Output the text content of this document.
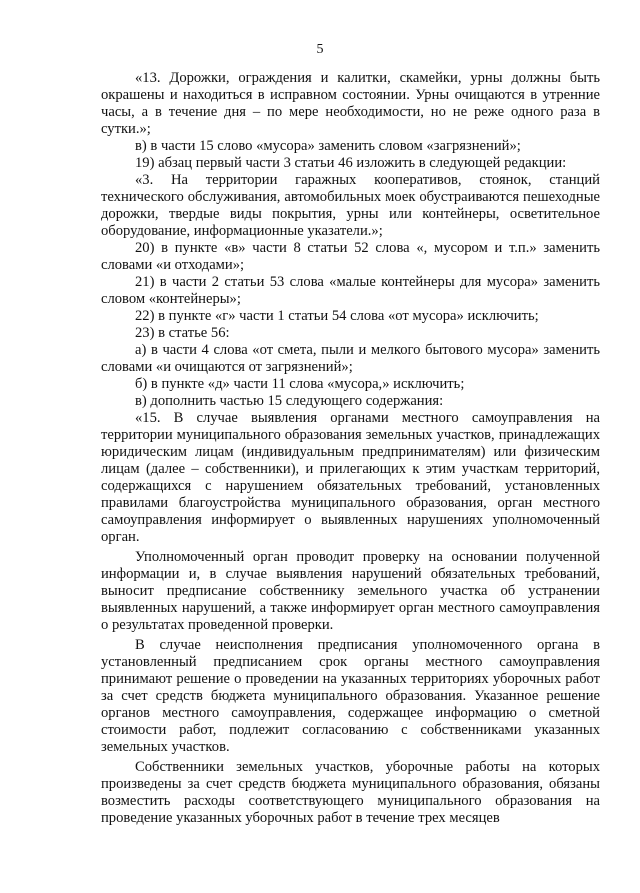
5

«13. Дорожки, ограждения и калитки, скамейки, урны должны быть окрашены и находиться в исправном состоянии. Урны очищаются в утренние часы, а в течение дня – по мере необходимости, но не реже одного раза в сутки.»;

в) в части 15 слово «мусора» заменить словом «загрязнений»;

19) абзац первый части 3 статьи 46 изложить в следующей редакции:

«3. На территории гаражных кооперативов, стоянок, станций технического обслуживания, автомобильных моек обустраиваются пешеходные дорожки, твердые виды покрытия, урны или контейнеры, осветительное оборудование, информационные указатели.»;

20) в пункте «в» части 8 статьи 52 слова «, мусором и т.п.» заменить словами «и отходами»;

21) в части 2 статьи 53 слова «малые контейнеры для мусора» заменить словом «контейнеры»;

22) в пункте «г» части 1 статьи 54 слова «от мусора» исключить;

23) в статье 56:

а) в части 4 слова «от смета, пыли и мелкого бытового мусора» заменить словами «и очищаются от загрязнений»;

б) в пункте «д» части 11 слова «мусора,» исключить;

в) дополнить частью 15 следующего содержания:

«15. В случае выявления органами местного самоуправления на территории муниципального образования земельных участков, принадлежащих юридическим лицам (индивидуальным предпринимателям) или физическим лицам (далее – собственники), и прилегающих к этим участкам территорий, содержащихся с нарушением обязательных требований, установленных правилами благоустройства муниципального образования, орган местного самоуправления информирует о выявленных нарушениях уполномоченный орган.

Уполномоченный орган проводит проверку на основании полученной информации и, в случае выявления нарушений обязательных требований, выносит предписание собственнику земельного участка об устранении выявленных нарушений, а также информирует орган местного самоуправления о результатах проведенной проверки.

В случае неисполнения предписания уполномоченного органа в установленный предписанием срок органы местного самоуправления принимают решение о проведении на указанных территориях уборочных работ за счет средств бюджета муниципального образования. Указанное решение органов местного самоуправления, содержащее информацию о сметной стоимости работ, подлежит согласованию с собственниками указанных земельных участков.

Собственники земельных участков, уборочные работы на которых произведены за счет средств бюджета муниципального образования, обязаны возместить расходы соответствующего муниципального образования на проведение указанных уборочных работ в течение трех месяцев
